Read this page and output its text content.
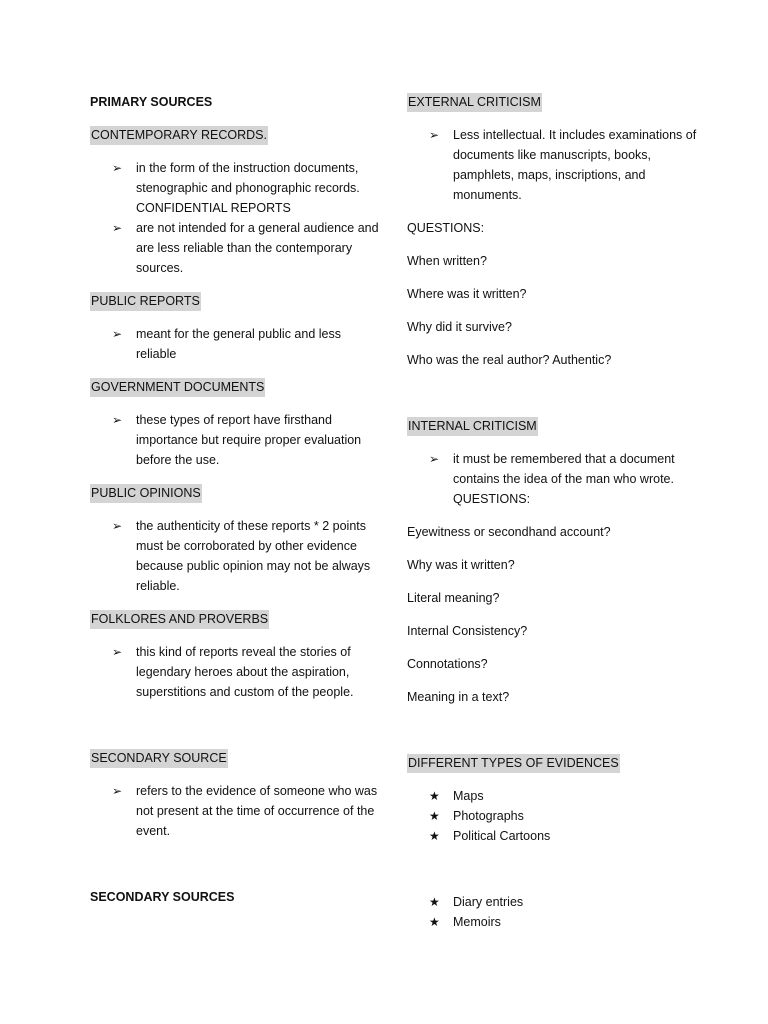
PRIMARY SOURCES

CONTEMPORARY RECORDS.

➢ in the form of the instruction documents, stenographic and phonographic records. CONFIDENTIAL REPORTS
➢ are not intended for a general audience and are less reliable than the contemporary sources.

PUBLIC REPORTS

➢ meant for the general public and less reliable

GOVERNMENT DOCUMENTS

➢ these types of report have firsthand importance but require proper evaluation before the use.

PUBLIC OPINIONS

➢ the authenticity of these reports * 2 points must be corroborated by other evidence because public opinion may not be always reliable.

FOLKLORES AND PROVERBS

➢ this kind of reports reveal the stories of legendary heroes about the aspiration, superstitions and custom of the people.

SECONDARY SOURCE

➢ refers to the evidence of someone who was not present at the time of occurrence of the event.

SECONDARY SOURCES

EXTERNAL CRITICISM

➢ Less intellectual. It includes examinations of documents like manuscripts, books, pamphlets, maps, inscriptions, and monuments.

QUESTIONS:

When written?

Where was it written?

Why did it survive?

Who was the real author? Authentic?

INTERNAL CRITICISM

➢ it must be remembered that a document contains the idea of the man who wrote. QUESTIONS:

Eyewitness or secondhand account?

Why was it written?

Literal meaning?

Internal Consistency?

Connotations?

Meaning in a text?

DIFFERENT TYPES OF EVIDENCES

★ Maps
★ Photographs
★ Political Cartoons
★ Diary entries
★ Memoirs
